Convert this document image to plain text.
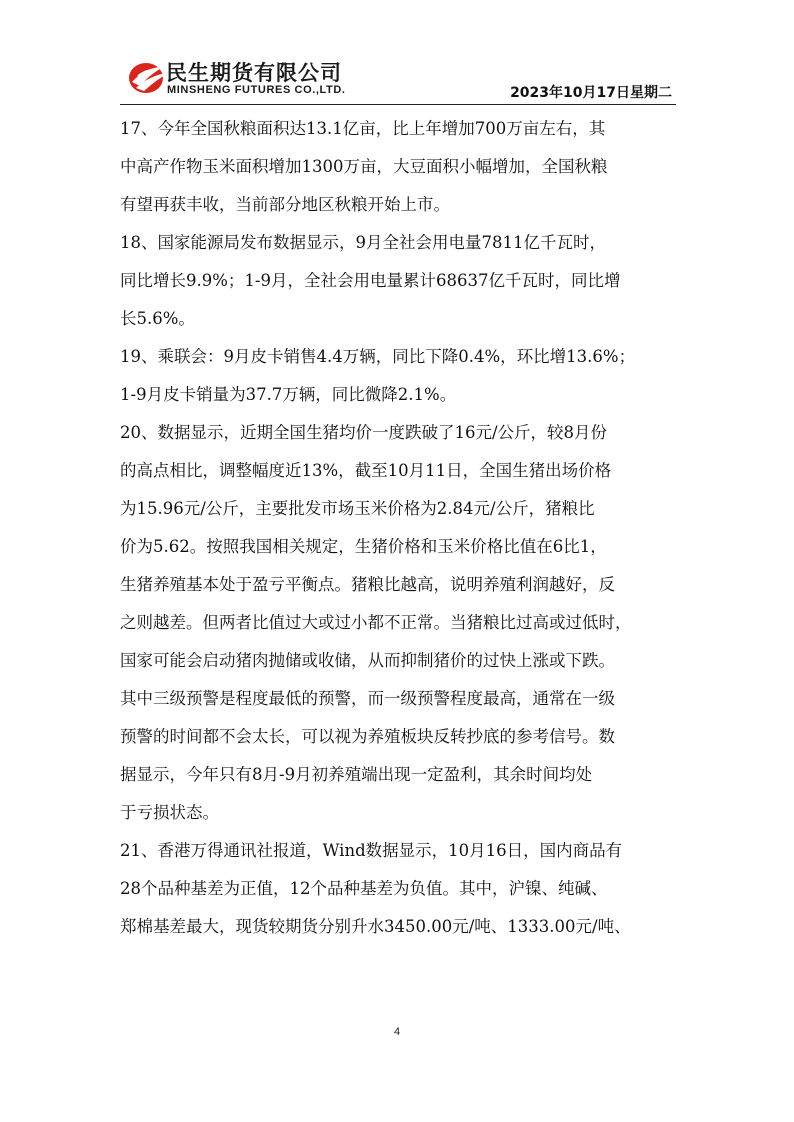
民生期货有限公司
MINSHENG FUTURES CO.,LTD.	2023年10月17日星期二

17、今年全国秋粮面积达13.1亿亩，比上年增加700万亩左右，其
中高产作物玉米面积增加1300万亩，大豆面积小幅增加，全国秋粮
有望再获丰收，当前部分地区秋粮开始上市。

18、国家能源局发布数据显示，9月全社会用电量7811亿千瓦时，
同比增长9.9%；1-9月，全社会用电量累计68637亿千瓦时，同比增
长5.6%。

19、乘联会：9月皮卡销售4.4万辆，同比下降0.4%，环比增13.6%；
1-9月皮卡销量为37.7万辆，同比微降2.1%。

20、数据显示，近期全国生猪均价一度跌破了16元/公斤，较8月份
的高点相比，调整幅度近13%，截至10月11日，全国生猪出场价格
为15.96元/公斤，主要批发市场玉米价格为2.84元/公斤，猪粮比
价为5.62。按照我国相关规定，生猪价格和玉米价格比值在6比1，
生猪养殖基本处于盈亏平衡点。猪粮比越高，说明养殖利润越好，反
之则越差。但两者比值过大或过小都不正常。当猪粮比过高或过低时，
国家可能会启动猪肉抛储或收储，从而抑制猪价的过快上涨或下跌。
其中三级预警是程度最低的预警，而一级预警程度最高，通常在一级
预警的时间都不会太长，可以视为养殖板块反转抄底的参考信号。数
据显示，今年只有8月-9月初养殖端出现一定盈利，其余时间均处
于亏损状态。

21、香港万得通讯社报道，Wind数据显示，10月16日，国内商品有
28个品种基差为正值，12个品种基差为负值。其中，沪镍、纯碱、
郑棉基差最大，现货较期货分别升水3450.00元/吨、1333.00元/吨、

4
